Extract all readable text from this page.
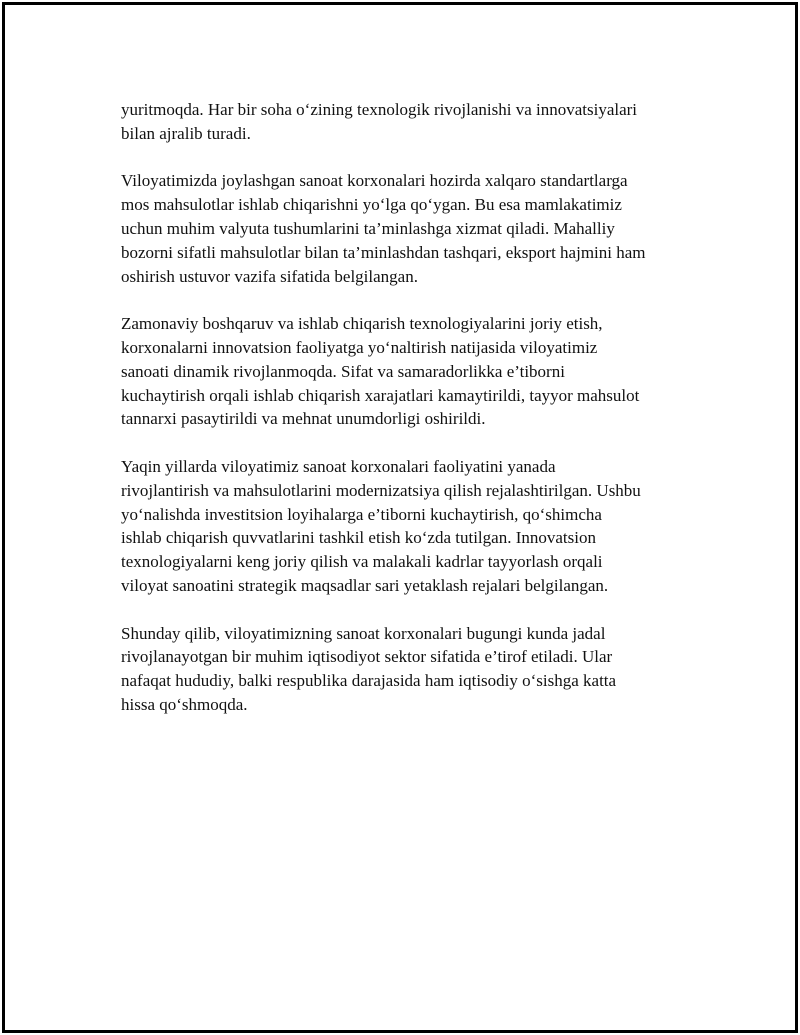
yuritmoqda. Har bir soha o‘zining texnologik rivojlanishi va innovatsiyalari
bilan ajralib turadi.

Viloyatimizda joylashgan sanoat korxonalari hozirda xalqaro standartlarga
mos mahsulotlar ishlab chiqarishni yo‘lga qo‘ygan. Bu esa mamlakatimiz
uchun muhim valyuta tushumlarini ta’minlashga xizmat qiladi. Mahalliy
bozorni sifatli mahsulotlar bilan ta’minlashdan tashqari, eksport hajmini ham
oshirish ustuvor vazifa sifatida belgilangan.

Zamonaviy boshqaruv va ishlab chiqarish texnologiyalarini joriy etish,
korxonalarni innovatsion faoliyatga yo‘naltirish natijasida viloyatimiz
sanoati dinamik rivojlanmoqda. Sifat va samaradorlikka e’tiborni
kuchaytirish orqali ishlab chiqarish xarajatlari kamaytirildi, tayyor mahsulot
tannarxi pasaytirildi va mehnat unumdorligi oshirildi.

Yaqin yillarda viloyatimiz sanoat korxonalari faoliyatini yanada
rivojlantirish va mahsulotlarini modernizatsiya qilish rejalashtirilgan. Ushbu
yo‘nalishda investitsion loyihalarga e’tiborni kuchaytirish, qo‘shimcha
ishlab chiqarish quvvatlarini tashkil etish ko‘zda tutilgan. Innovatsion
texnologiyalarni keng joriy qilish va malakali kadrlar tayyorlash orqali
viloyat sanoatini strategik maqsadlar sari yetaklash rejalari belgilangan.

Shunday qilib, viloyatimizning sanoat korxonalari bugungi kunda jadal
rivojlanayotgan bir muhim iqtisodiyot sektor sifatida e’tirof etiladi. Ular
nafaqat hududiy, balki respublika darajasida ham iqtisodiy o‘sishga katta
hissa qo‘shmoqda.
